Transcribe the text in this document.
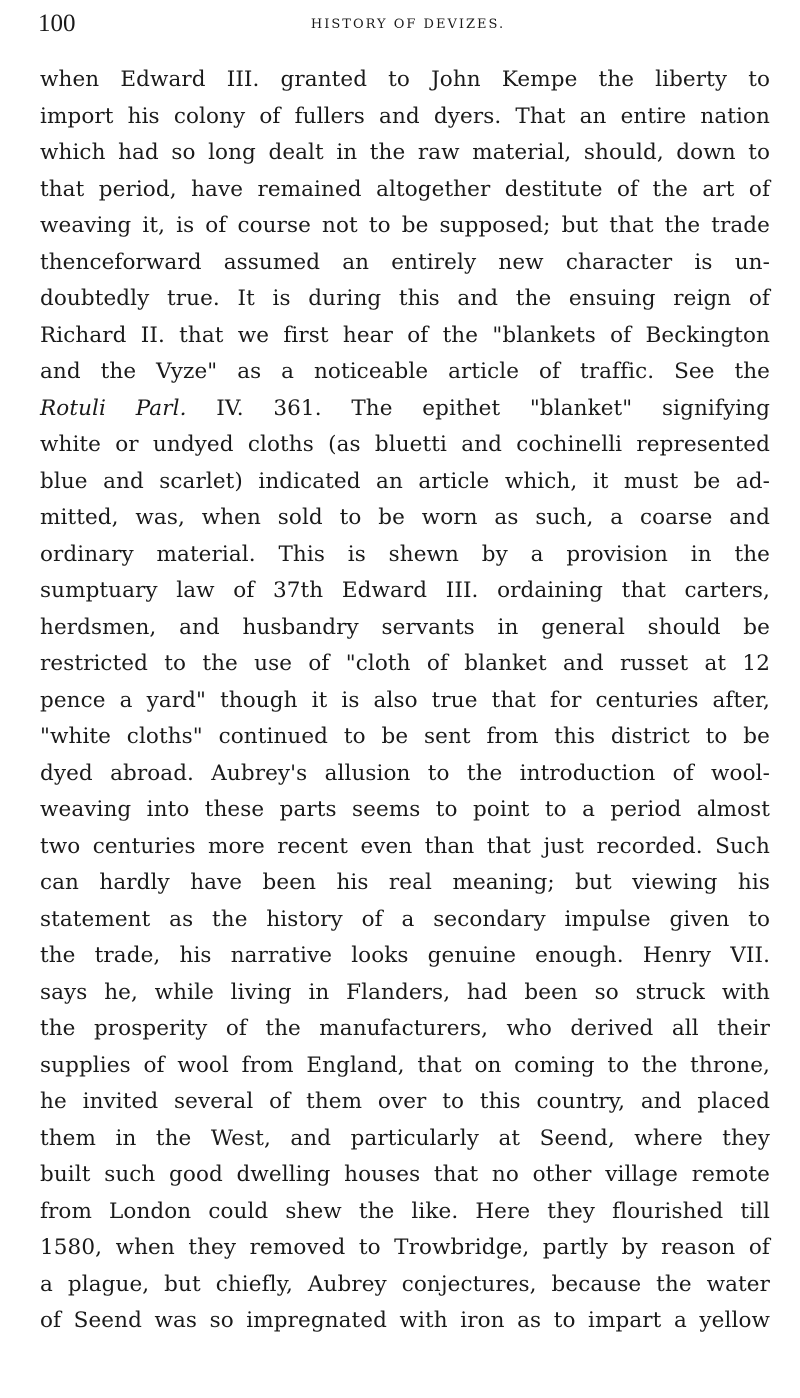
100	HISTORY OF DEVIZES.
when Edward III. granted to John Kempe the liberty to
import his colony of fullers and dyers. That an entire nation
which had so long dealt in the raw material, should, down to
that period, have remained altogether destitute of the art of
weaving it, is of course not to be supposed; but that the trade
thenceforward assumed an entirely new character is un-
doubtedly true. It is during this and the ensuing reign of
Richard II. that we first hear of the "blankets of Beckington
and the Vyze" as a noticeable article of traffic. See the
Rotuli Parl. IV. 361. The epithet "blanket" signifying
white or undyed cloths (as bluetti and cochinelli represented
blue and scarlet) indicated an article which, it must be ad-
mitted, was, when sold to be worn as such, a coarse and
ordinary material. This is shewn by a provision in the
sumptuary law of 37th Edward III. ordaining that carters,
herdsmen, and husbandry servants in general should be
restricted to the use of "cloth of blanket and russet at 12
pence a yard" though it is also true that for centuries after,
"white cloths" continued to be sent from this district to be
dyed abroad. Aubrey's allusion to the introduction of wool-
weaving into these parts seems to point to a period almost
two centuries more recent even than that just recorded. Such
can hardly have been his real meaning; but viewing his
statement as the history of a secondary impulse given to
the trade, his narrative looks genuine enough. Henry VII.
says he, while living in Flanders, had been so struck with
the prosperity of the manufacturers, who derived all their
supplies of wool from England, that on coming to the throne,
he invited several of them over to this country, and placed
them in the West, and particularly at Seend, where they
built such good dwelling houses that no other village remote
from London could shew the like. Here they flourished till
1580, when they removed to Trowbridge, partly by reason of
a plague, but chiefly, Aubrey conjectures, because the water
of Seend was so impregnated with iron as to impart a yellow
